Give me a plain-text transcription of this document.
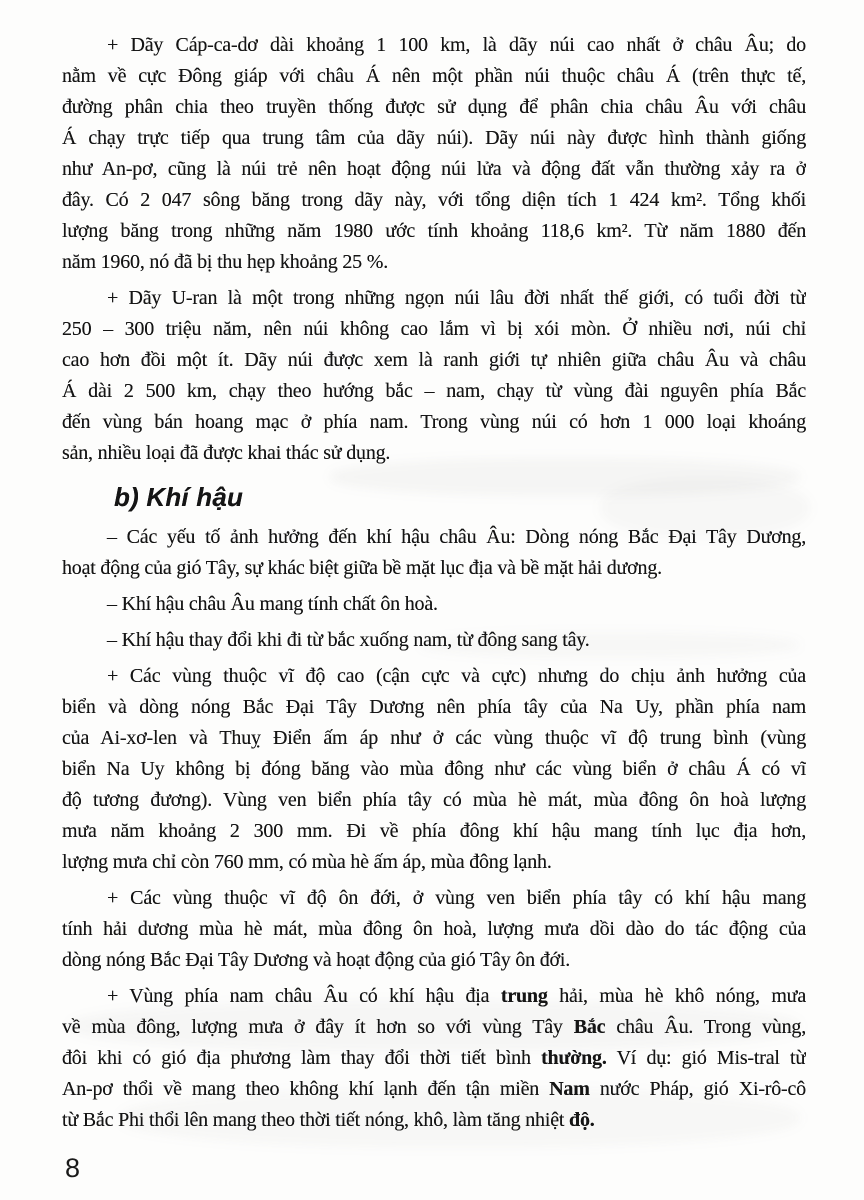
+ Dãy Cáp-ca-dơ dài khoảng 1 100 km, là dãy núi cao nhất ở châu Âu; do
nằm về cực Đông giáp với châu Á nên một phần núi thuộc châu Á (trên thực tế,
đường phân chia theo truyền thống được sử dụng để phân chia châu Âu với châu
Á chạy trực tiếp qua trung tâm của dãy núi). Dãy núi này được hình thành giống
như An-pơ, cũng là núi trẻ nên hoạt động núi lửa và động đất vẫn thường xảy ra ở
đây. Có 2 047 sông băng trong dãy này, với tổng diện tích 1 424 km². Tổng khối
lượng băng trong những năm 1980 ước tính khoảng 118,6 km². Từ năm 1880 đến
năm 1960, nó đã bị thu hẹp khoảng 25 %.
+ Dãy U-ran là một trong những ngọn núi lâu đời nhất thế giới, có tuổi đời từ
250 – 300 triệu năm, nên núi không cao lắm vì bị xói mòn. Ở nhiều nơi, núi chỉ
cao hơn đồi một ít. Dãy núi được xem là ranh giới tự nhiên giữa châu Âu và châu
Á dài 2 500 km, chạy theo hướng bắc – nam, chạy từ vùng đài nguyên phía Bắc
đến vùng bán hoang mạc ở phía nam. Trong vùng núi có hơn 1 000 loại khoáng
sản, nhiều loại đã được khai thác sử dụng.
b) Khí hậu
– Các yếu tố ảnh hưởng đến khí hậu châu Âu: Dòng nóng Bắc Đại Tây Dương,
hoạt động của gió Tây, sự khác biệt giữa bề mặt lục địa và bề mặt hải dương.
– Khí hậu châu Âu mang tính chất ôn hoà.
– Khí hậu thay đổi khi đi từ bắc xuống nam, từ đông sang tây.
+ Các vùng thuộc vĩ độ cao (cận cực và cực) nhưng do chịu ảnh hưởng của
biển và dòng nóng Bắc Đại Tây Dương nên phía tây của Na Uy, phần phía nam
của Ai-xơ-len và Thuỵ Điển ấm áp như ở các vùng thuộc vĩ độ trung bình (vùng
biển Na Uy không bị đóng băng vào mùa đông như các vùng biển ở châu Á có vĩ
độ tương đương). Vùng ven biển phía tây có mùa hè mát, mùa đông ôn hoà lượng
mưa năm khoảng 2 300 mm. Đi về phía đông khí hậu mang tính lục địa hơn,
lượng mưa chỉ còn 760 mm, có mùa hè ấm áp, mùa đông lạnh.
+ Các vùng thuộc vĩ độ ôn đới, ở vùng ven biển phía tây có khí hậu mang
tính hải dương mùa hè mát, mùa đông ôn hoà, lượng mưa dồi dào do tác động của
dòng nóng Bắc Đại Tây Dương và hoạt động của gió Tây ôn đới.
+ Vùng phía nam châu Âu có khí hậu địa trung hải, mùa hè khô nóng, mưa
về mùa đông, lượng mưa ở đây ít hơn so với vùng Tây Bắc châu Âu. Trong vùng,
đôi khi có gió địa phương làm thay đổi thời tiết bình thường. Ví dụ: gió Mis-tral từ
An-pơ thổi về mang theo không khí lạnh đến tận miền Nam nước Pháp, gió Xi-rô-cô
từ Bắc Phi thổi lên mang theo thời tiết nóng, khô, làm tăng nhiệt độ.
8
